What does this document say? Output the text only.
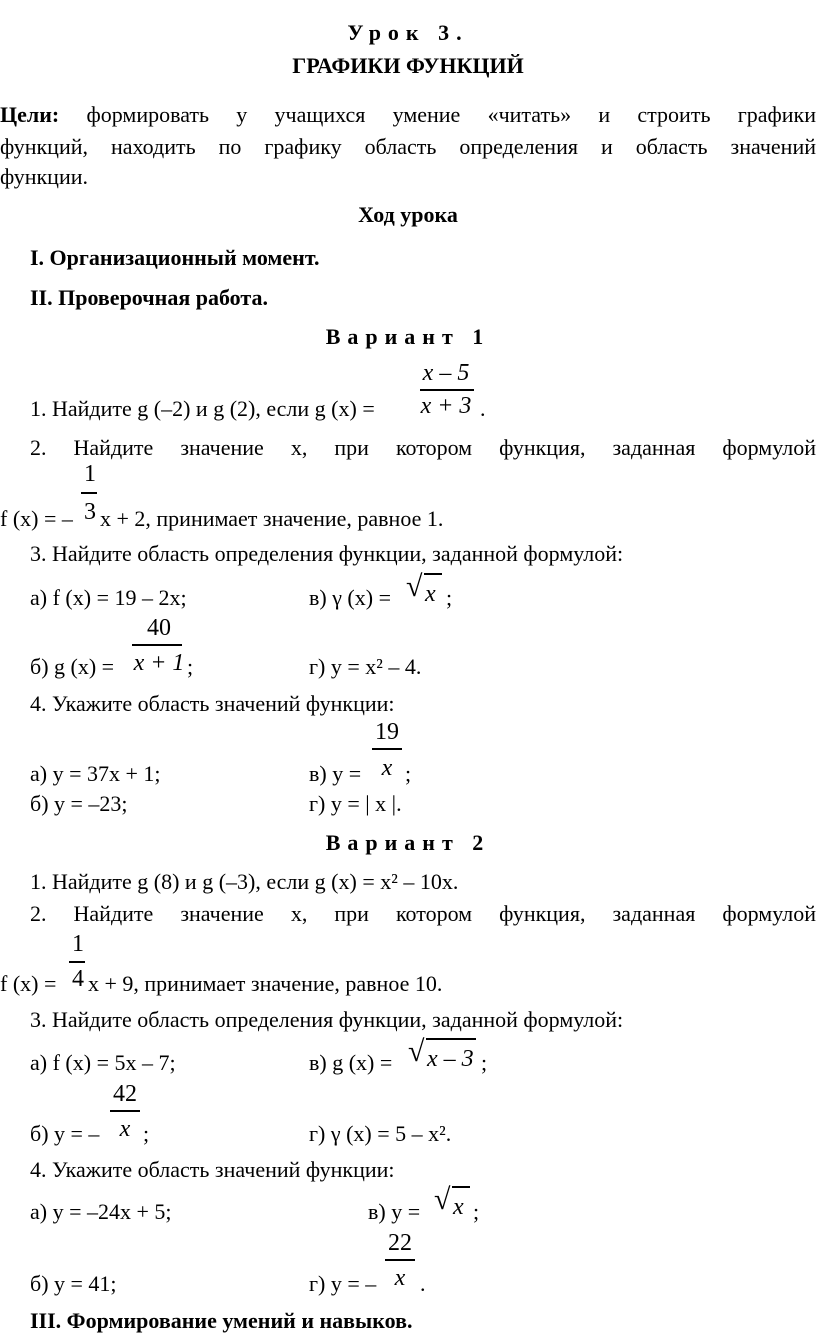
Урок 3.
ГРАФИКИ ФУНКЦИЙ
Цели: формировать у учащихся умение «читать» и строить графики
функций, находить по графику область определения и область значений
функции.
Ход урока
I. Организационный момент.
II. Проверочная работа.
Вариант 1
x – 5
1. Найдите g (–2) и g (2), если g (x) = x + 3 .
2. Найдите значение x, при котором функция, заданная формулой
1
f (x) = – 3 x + 2, принимает значение, равное 1.
3. Найдите область определения функции, заданной формулой:
а) f (x) = 19 – 2x;	в) γ (x) = √ x ;
40
б) g (x) = x + 1 ;	г) y = x² – 4.
4. Укажите область значений функции:
19
а) y = 37x + 1;	в) y = x ;
б) y = –23;	г) y = | x |.
Вариант 2
1. Найдите g (8) и g (–3), если g (x) = x² – 10x.
2. Найдите значение x, при котором функция, заданная формулой
1
f (x) = 4 x + 9, принимает значение, равное 10.
3. Найдите область определения функции, заданной формулой:
а) f (x) = 5x – 7;	в) g (x) = √ x – 3 ;
42
б) y = – x ;	г) γ (x) = 5 – x².
4. Укажите область значений функции:
а) y = –24x + 5;	в) y = √ x ;
22
б) y = 41;	г) y = – x .
III. Формирование умений и навыков.
